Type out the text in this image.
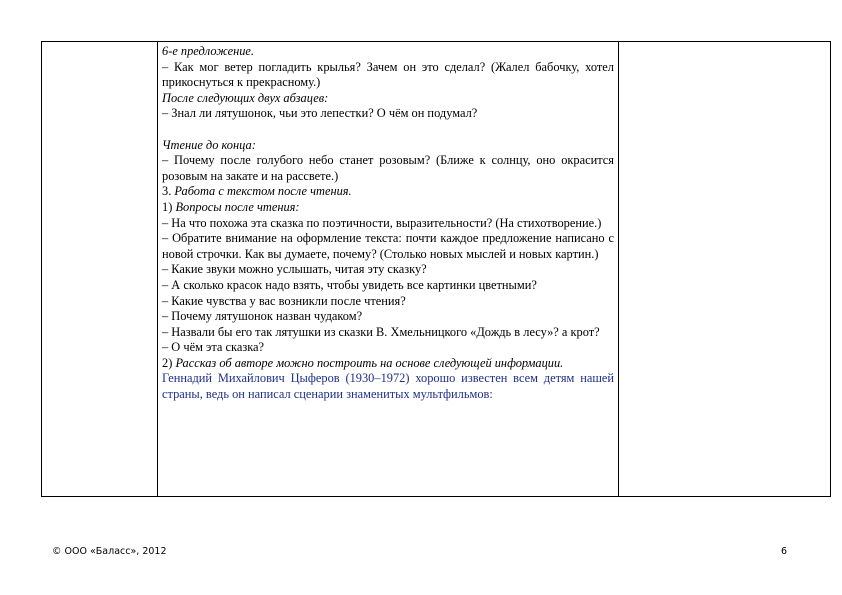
6-е предложение.

– Как мог ветер погладить крылья? Зачем он это сделал? (Жалел бабочку, хотел прикоснуться к прекрасному.)

После следующих двух абзацев:

– Знал ли лятушонок, чьи это лепестки? О чём он подумал?

Чтение до конца:

– Почему после голубого небо станет розовым? (Ближе к солнцу, оно окрасится розовым на закате и на рассвете.)

3. Работа с текстом после чтения.

1) Вопросы после чтения:

– На что похожа эта сказка по поэтичности, выразительности? (На стихотворение.)

– Обратите внимание на оформление текста: почти каждое предложение написано с новой строчки. Как вы думаете, почему? (Столько новых мыслей и новых картин.)

– Какие звуки можно услышать, читая эту сказку?

– А сколько красок надо взять, чтобы увидеть все картинки цветными?

– Какие чувства у вас возникли после чтения?

– Почему лятушонок назван чудаком?

– Назвали бы его так лятушки из сказки В. Хмельницкого «Дождь в лесу»? а крот?

– О чём эта сказка?

2) Рассказ об авторе можно построить на основе следующей информации.

Геннадий Михайлович Цыферов (1930–1972) хорошо известен всем детям нашей страны, ведь он написал сценарии знаменитых мультфильмов:

© ООО «Баласс», 2012	6
